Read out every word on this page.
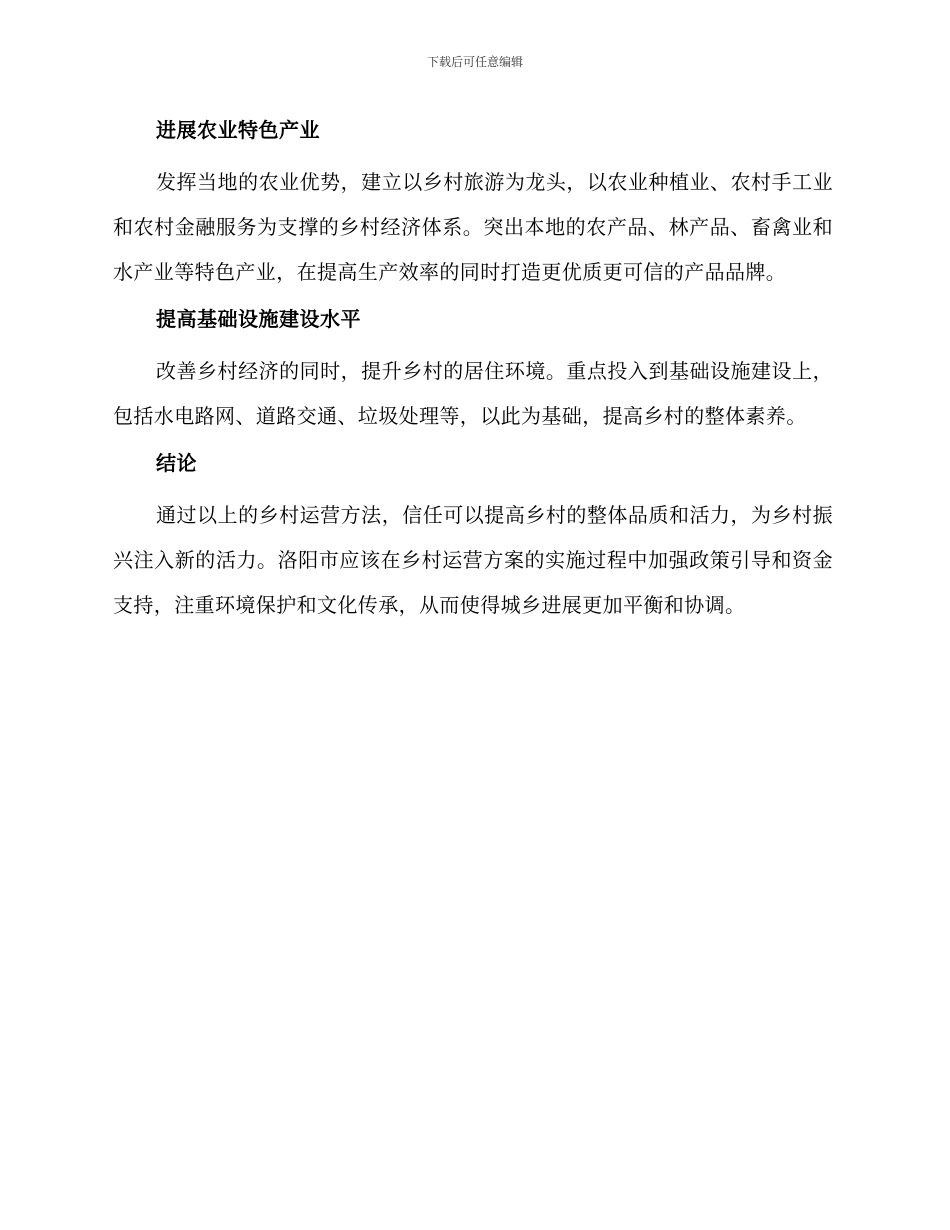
下载后可任意编辑
进展农业特色产业

发挥当地的农业优势，建立以乡村旅游为龙头，以农业种植业、农村手工业和农村金融服务为支撑的乡村经济体系。突出本地的农产品、林产品、畜禽业和水产业等特色产业，在提高生产效率的同时打造更优质更可信的产品品牌。

提高基础设施建设水平

改善乡村经济的同时，提升乡村的居住环境。重点投入到基础设施建设上，包括水电路网、道路交通、垃圾处理等，以此为基础，提高乡村的整体素养。

结论

通过以上的乡村运营方法，信任可以提高乡村的整体品质和活力，为乡村振兴注入新的活力。洛阳市应该在乡村运营方案的实施过程中加强政策引导和资金支持，注重环境保护和文化传承，从而使得城乡进展更加平衡和协调。
